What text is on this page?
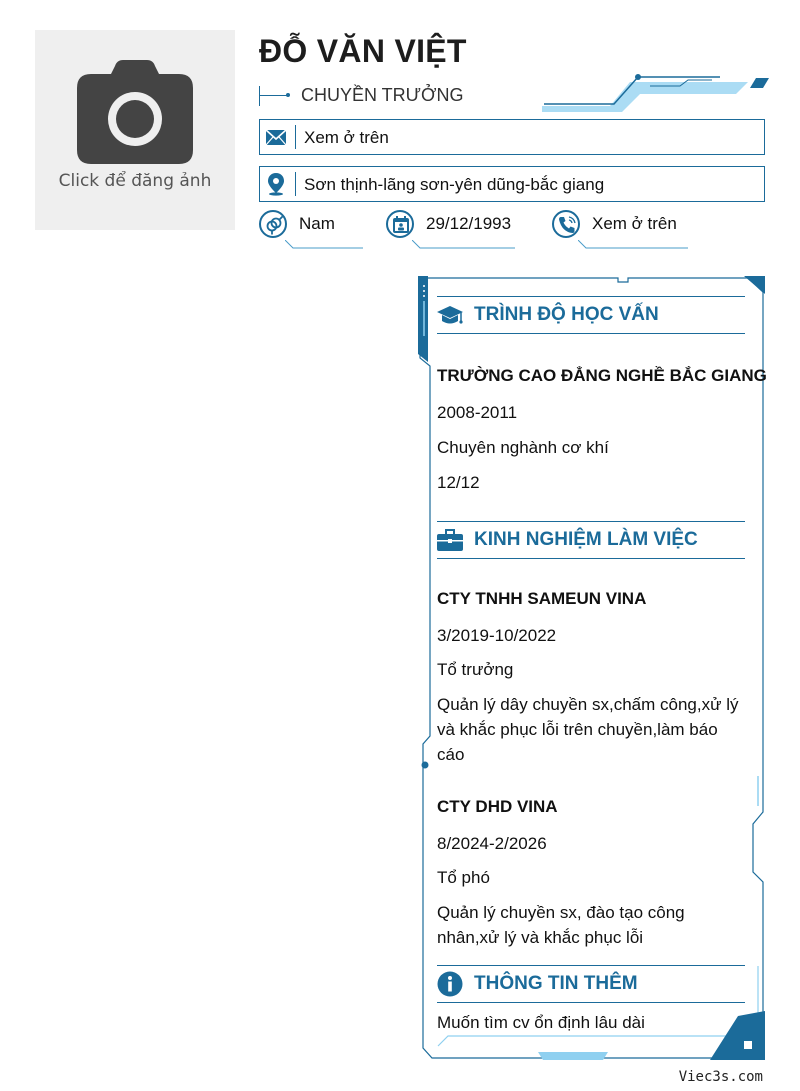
Click để đăng ảnh
ĐỖ VĂN VIỆT
CHUYỀN TRƯỞNG
Xem ở trên
Sơn thịnh-lãng sơn-yên dũng-bắc giang
Nam	29/12/1993	Xem ở trên
TRÌNH ĐỘ HỌC VẤN
TRƯỜNG CAO ĐẲNG NGHỀ BẮC GIANG
2008-2011
Chuyên nghành cơ khí
12/12
KINH NGHIỆM LÀM VIỆC
CTY TNHH SAMEUN VINA
3/2019-10/2022
Tổ trưởng
Quản lý dây chuyền sx,chấm công,xử lý và khắc phục lỗi trên chuyền,làm báo cáo
CTY DHD VINA
8/2024-2/2026
Tổ phó
Quản lý chuyền sx, đào tạo công nhân,xử lý và khắc phục lỗi
THÔNG TIN THÊM
Muốn tìm cv ổn định lâu dài
Viec3s.com
